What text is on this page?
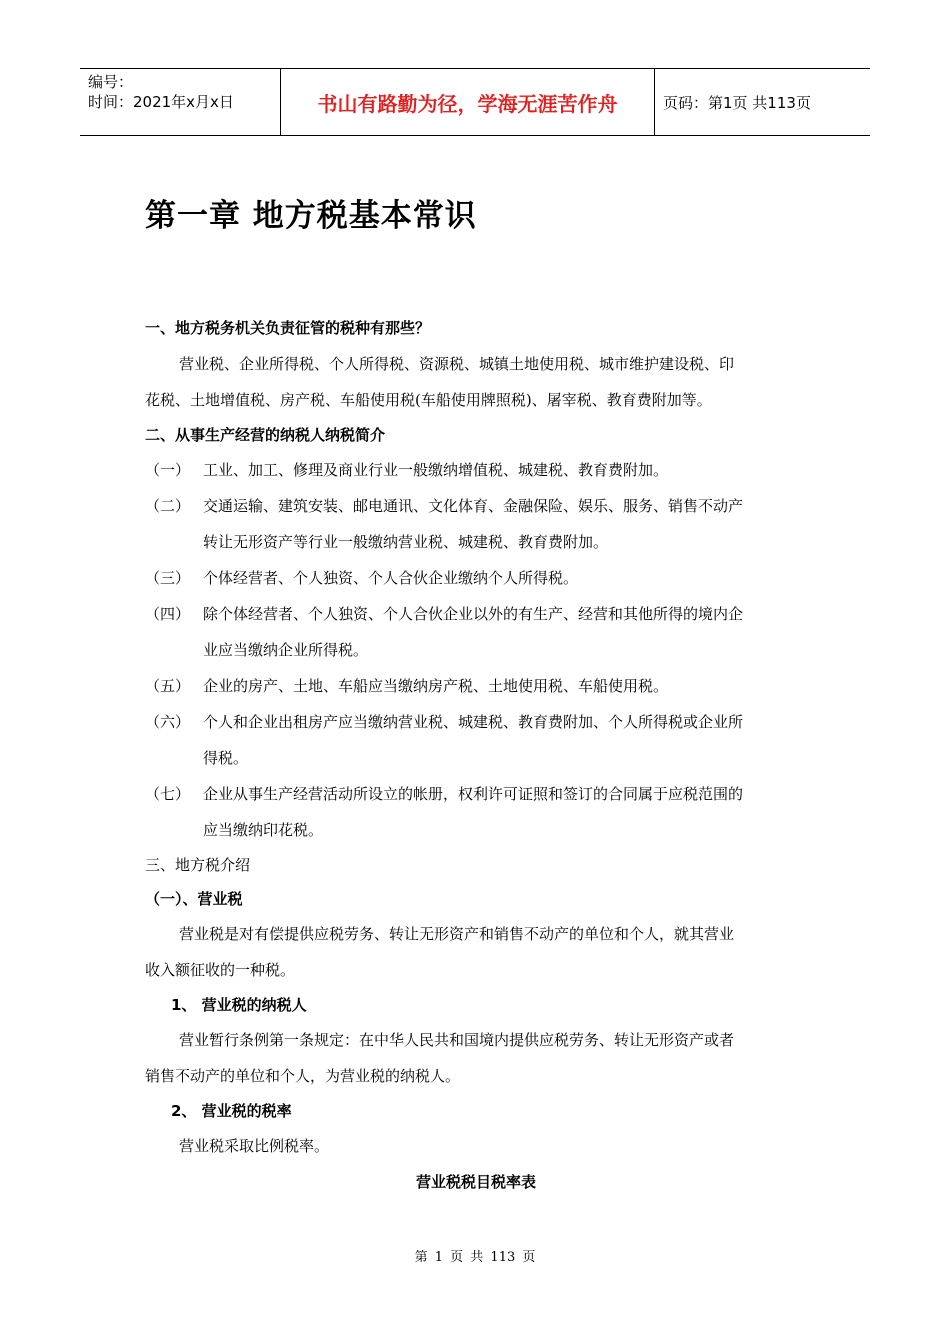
编号：
时间：2021年x月x日	书山有路勤为径，学海无涯苦作舟	页码：第1页 共113页
第一章 地方税基本常识
一、地方税务机关负责征管的税种有那些？
营业税、企业所得税、个人所得税、资源税、城镇土地使用税、城市维护建设税、印
花税、土地增值税、房产税、车船使用税(车船使用牌照税)、屠宰税、教育费附加等。
二、从事生产经营的纳税人纳税简介
（一） 工业、加工、修理及商业行业一般缴纳增值税、城建税、教育费附加。
（二） 交通运输、建筑安装、邮电通讯、文化体育、金融保险、娱乐、服务、销售不动产
转让无形资产等行业一般缴纳营业税、城建税、教育费附加。
（三） 个体经营者、个人独资、个人合伙企业缴纳个人所得税。
（四） 除个体经营者、个人独资、个人合伙企业以外的有生产、经营和其他所得的境内企
业应当缴纳企业所得税。
（五） 企业的房产、土地、车船应当缴纳房产税、土地使用税、车船使用税。
（六） 个人和企业出租房产应当缴纳营业税、城建税、教育费附加、个人所得税或企业所
得税。
（七） 企业从事生产经营活动所设立的帐册，权利许可证照和签订的合同属于应税范围的
应当缴纳印花税。
三、地方税介绍
（一）、营业税
营业税是对有偿提供应税劳务、转让无形资产和销售不动产的单位和个人，就其营业
收入额征收的一种税。
1、 营业税的纳税人
营业暂行条例第一条规定：在中华人民共和国境内提供应税劳务、转让无形资产或者
销售不动产的单位和个人，为营业税的纳税人。
2、 营业税的税率
营业税采取比例税率。
营业税税目税率表
第 1 页 共 113 页
